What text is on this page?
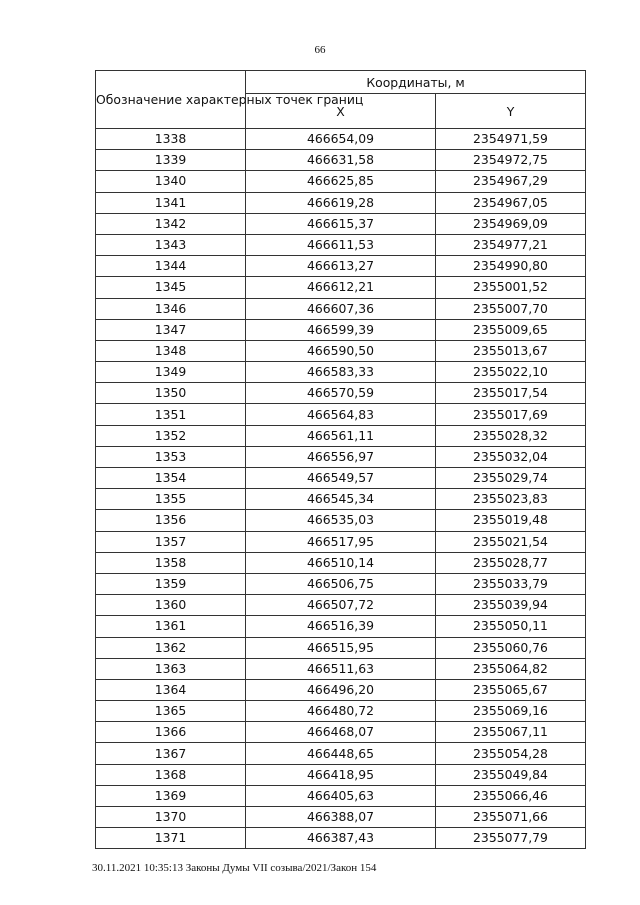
66
Обозначение характерных точек границ	Координаты, м	
	X	Y
1338	466654,09	2354971,59
1339	466631,58	2354972,75
1340	466625,85	2354967,29
1341	466619,28	2354967,05
1342	466615,37	2354969,09
1343	466611,53	2354977,21
1344	466613,27	2354990,80
1345	466612,21	2355001,52
1346	466607,36	2355007,70
1347	466599,39	2355009,65
1348	466590,50	2355013,67
1349	466583,33	2355022,10
1350	466570,59	2355017,54
1351	466564,83	2355017,69
1352	466561,11	2355028,32
1353	466556,97	2355032,04
1354	466549,57	2355029,74
1355	466545,34	2355023,83
1356	466535,03	2355019,48
1357	466517,95	2355021,54
1358	466510,14	2355028,77
1359	466506,75	2355033,79
1360	466507,72	2355039,94
1361	466516,39	2355050,11
1362	466515,95	2355060,76
1363	466511,63	2355064,82
1364	466496,20	2355065,67
1365	466480,72	2355069,16
1366	466468,07	2355067,11
1367	466448,65	2355054,28
1368	466418,95	2355049,84
1369	466405,63	2355066,46
1370	466388,07	2355071,66
1371	466387,43	2355077,79
30.11.2021 10:35:13 Законы Думы VII созыва/2021/Закон 154
